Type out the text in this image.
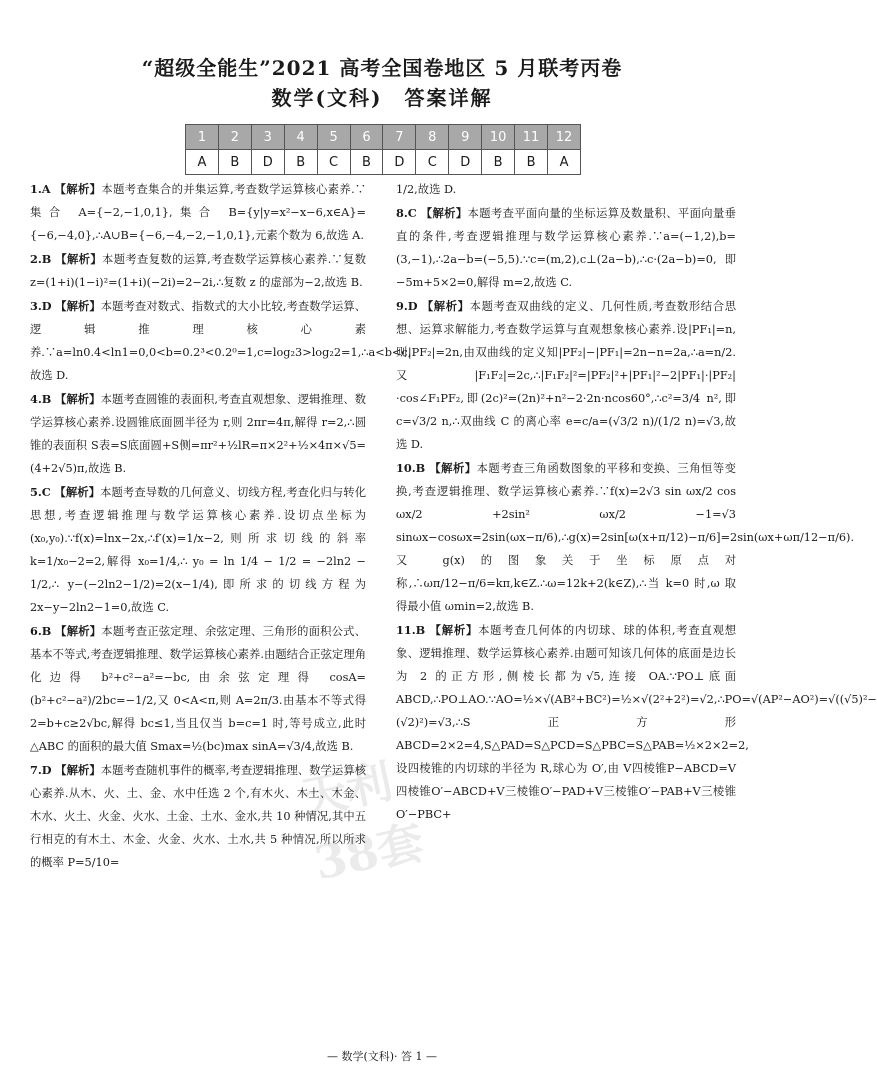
“超级全能生”2021 高考全国卷地区 5 月联考丙卷
数学(文科)　答案详解
1	2	3	4	5	6	7	8	9	10	11	12
A	B	D	B	C	B	D	C	D	B	B	A

1.A 【解析】本题考查集合的并集运算,考查数学运算核心素养.∵集合 A={−2,−1,0,1},集合 B={y|y=x²−x−6,x∈A}={−6,−4,0},∴A∪B={−6,−4,−2,−1,0,1},元素个数为 6,故选 A.

2.B 【解析】本题考查复数的运算,考查数学运算核心素养.∵复数 z=(1+i)(1−i)²=(1+i)(−2i)=2−2i,∴复数 z 的虚部为−2,故选 B.

3.D 【解析】本题考查对数式、指数式的大小比较,考查数学运算、逻辑推理核心素养.∵a=ln0.4<ln1=0,0<b=0.2³<0.2⁰=1,c=log₂3>log₂2=1,∴a<b<c,故选 D.

4.B 【解析】本题考查圆锥的表面积,考查直观想象、逻辑推理、数学运算核心素养.设圆锥底面圆半径为 r,则 2πr=4π,解得 r=2,∴圆锥的表面积 S表=S底面圆+S侧=πr²+½lR=π×2²+½×4π×√5=(4+2√5)π,故选 B.

5.C 【解析】本题考查导数的几何意义、切线方程,考查化归与转化思想,考查逻辑推理与数学运算核心素养.设切点坐标为(x₀,y₀).∵f(x)=lnx−2x,∴f′(x)=1/x−2,则所求切线的斜率 k=1/x₀−2=2,解得 x₀=1/4,∴ y₀ = ln 1/4 − 1/2 = −2ln2 − 1/2,∴ y−(−2ln2−1/2)=2(x−1/4),即所求的切线方程为 2x−y−2ln2−1=0,故选 C.

6.B 【解析】本题考查正弦定理、余弦定理、三角形的面积公式、基本不等式,考查逻辑推理、数学运算核心素养.由题结合正弦定理角化边得 b²+c²−a²=−bc,由余弦定理得 cosA=(b²+c²−a²)/2bc=−1/2,又 0<A<π,则 A=2π/3.由基本不等式得 2=b+c≥2√bc,解得 bc≤1,当且仅当 b=c=1 时,等号成立,此时△ABC 的面积的最大值 Smax=½(bc)max sinA=√3/4,故选 B.

7.D 【解析】本题考查随机事件的概率,考查逻辑推理、数学运算核心素养.从木、火、土、金、水中任选 2 个,有木火、木土、木金、木水、火土、火金、火水、土金、土水、金水,共 10 种情况,其中五行相克的有木土、木金、火金、火水、土水,共 5 种情况,所以所求的概率 P=5/10=

1/2,故选 D.

8.C 【解析】本题考查平面向量的坐标运算及数量积、平面向量垂直的条件,考查逻辑推理与数学运算核心素养.∵a=(−1,2),b=(3,−1),∴2a−b=(−5,5).∵c=(m,2),c⊥(2a−b),∴c·(2a−b)=0,即−5m+5×2=0,解得 m=2,故选 C.

9.D 【解析】本题考查双曲线的定义、几何性质,考查数形结合思想、运算求解能力,考查数学运算与直观想象核心素养.设|PF₁|=n,则|PF₂|=2n,由双曲线的定义知|PF₂|−|PF₁|=2n−n=2a,∴a=n/2.又|F₁F₂|=2c,∴|F₁F₂|²=|PF₂|²+|PF₁|²−2|PF₁|·|PF₂|·cos∠F₁PF₂,即(2c)²=(2n)²+n²−2·2n·ncos60°,∴c²=3/4 n²,即 c=√3/2 n,∴双曲线 C 的离心率 e=c/a=(√3/2 n)/(1/2 n)=√3,故选 D.

10.B 【解析】本题考查三角函数图象的平移和变换、三角恒等变换,考查逻辑推理、数学运算核心素养.∵f(x)=2√3 sin ωx/2 cos ωx/2 +2sin² ωx/2 −1=√3 sinωx−cosωx=2sin(ωx−π/6),∴g(x)=2sin[ω(x+π/12)−π/6]=2sin(ωx+ωπ/12−π/6).又 g(x)的图象关于坐标原点对称,∴ωπ/12−π/6=kπ,k∈Z.∴ω=12k+2(k∈Z),∴当 k=0 时,ω 取得最小值 ωmin=2,故选 B.

11.B 【解析】本题考查几何体的内切球、球的体积,考查直观想象、逻辑推理、数学运算核心素养.由题可知该几何体的底面是边长为 2 的正方形,侧棱长都为√5,连接 OA.∵PO⊥底面 ABCD,∴PO⊥AO.∵AO=½×√(AB²+BC²)=½×√(2²+2²)=√2,∴PO=√(AP²−AO²)=√((√5)²−(√2)²)=√3,∴S正方形ABCD=2×2=4,S△PAD=S△PCD=S△PBC=S△PAB=½×2×2=2,设四棱锥的内切球的半径为 R,球心为 O′,由 V四棱锥P−ABCD=V四棱锥O′−ABCD+V三棱锥O′−PAD+V三棱锥O′−PAB+V三棱锥O′−PBC+

天利38套
— 数学(文科)· 答 1 —
